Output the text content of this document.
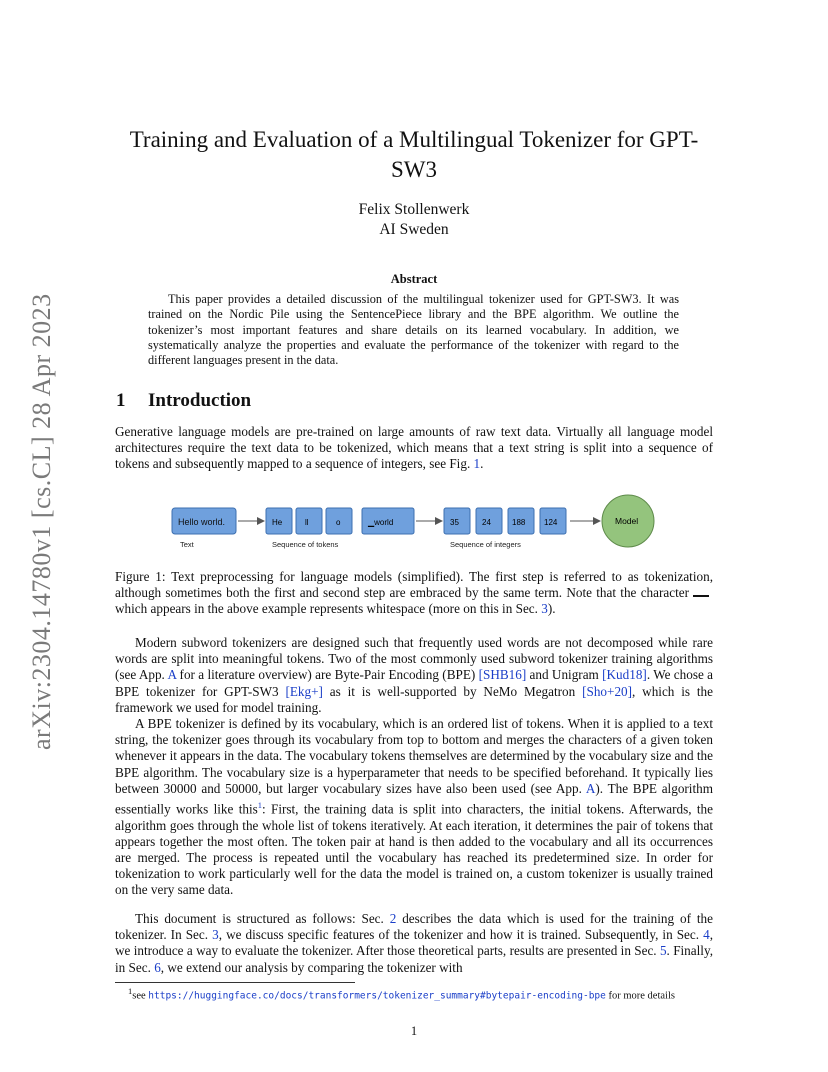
arXiv:2304.14780v1 [cs.CL] 28 Apr 2023
Training and Evaluation of a Multilingual Tokenizer for GPT-SW3
Felix Stollenwerk
AI Sweden
Abstract
This paper provides a detailed discussion of the multilingual tokenizer used for GPT-SW3. It was trained on the Nordic Pile using the SentencePiece library and the BPE algorithm. We outline the tokenizer’s most important features and share details on its learned vocabulary. In addition, we systematically analyze the properties and evaluate the performance of the tokenizer with regard to the different languages present in the data.
1 Introduction
Generative language models are pre-trained on large amounts of raw text data. Virtually all language model architectures require the text data to be tokenized, which means that a text string is split into a sequence of tokens and subsequently mapped to a sequence of integers, see Fig. 1.
Hello world.
Text
He	ll	o	▁world
Sequence of tokens
35	24	188 124
Sequence of integers
Model
Figure 1: Text preprocessing for language models (simplified). The first step is referred to as tokenization, although sometimes both the first and second step are embraced by the same term. Note that the characterwhich appears in the above example represents whitespace (more on this in Sec. 3).
Modern subword tokenizers are designed such that frequently used words are not decomposed while rare words are split into meaningful tokens. Two of the most commonly used subword tokenizer training algorithms (see App. A for a literature overview) are Byte-Pair Encoding (BPE) [SHB16] and Unigram [Kud18]. We chose a BPE tokenizer for GPT-SW3 [Ekg+] as it is well-supported by NeMo Megatron [Sho+20], which is the framework we used for model training.
A BPE tokenizer is defined by its vocabulary, which is an ordered list of tokens. When it is applied to a text string, the tokenizer goes through its vocabulary from top to bottom and merges the characters of a given token whenever it appears in the data. The vocabulary tokens themselves are determined by the vocabulary size and the BPE algorithm. The vocabulary size is a hyperparameter that needs to be specified beforehand. It typically lies between 30000 and 50000, but larger vocabulary sizes have also been used (see App. A). The BPE algorithm essentially works like this$^1$: First, the training data is split into characters, the initial tokens. Afterwards, the algorithm goes through the whole list of tokens iteratively. At each iteration, it determines the pair of tokens that appears together the most often. The token pair at hand is then added to the vocabulary and all its occurrences are merged. The process is repeated until the vocabulary has reached its predetermined size. In order for tokenization to work particularly well for the data the model is trained on, a custom tokenizer is usually trained on the very same data.
This document is structured as follows: Sec. 2 describes the data which is used for the training of the tokenizer. In Sec. 3, we discuss specific features of the tokenizer and how it is trained. Subsequently, in Sec. 4, we introduce a way to evaluate the tokenizer. After those theoretical parts, results are presented in Sec. 5. Finally, in Sec. 6, we extend our analysis by comparing the tokenizer with
$^1$see https://huggingface.co/docs/transformers/tokenizer_summary#bytepair-encoding-bpe for more details
1
